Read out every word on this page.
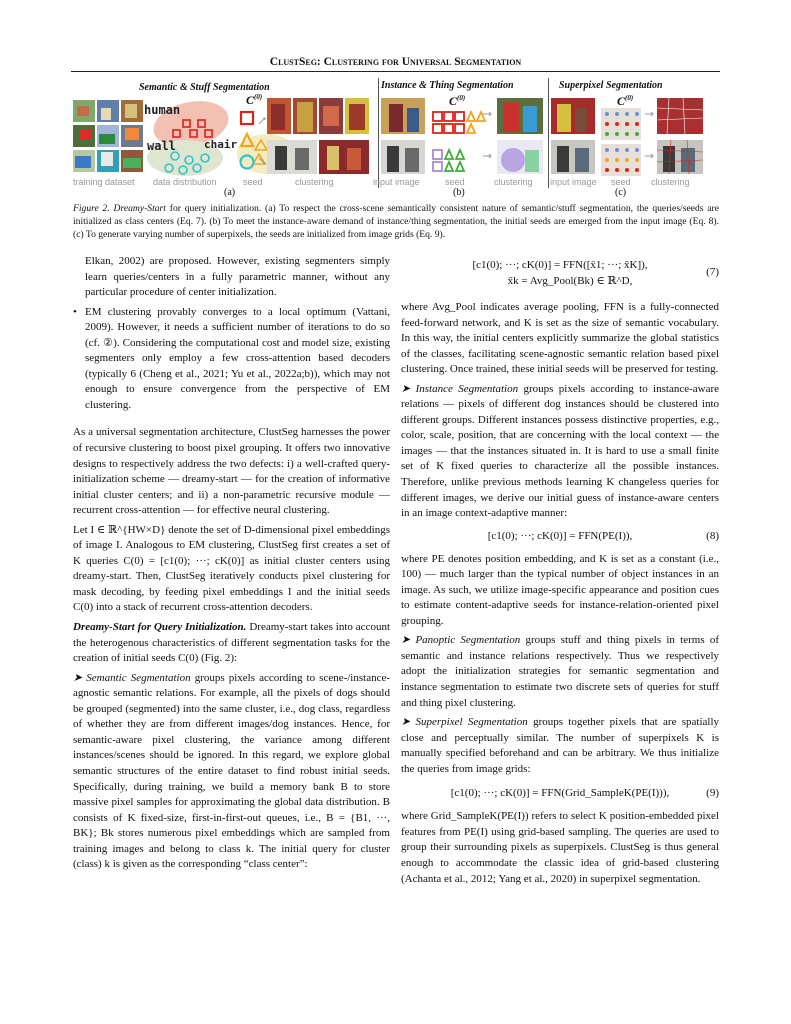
ClustSeg: Clustering for Universal Segmentation
Semantic & Stuff Segmentation	Instance & Thing Segmentation	Superpixel Segmentation
human
wall	chair
$C^{(0)}$	$C^{(0)}$	$C^{(0)}$
training dataset data distribution	seed	clustering	input image	seed	clustering input image seed clustering
(a)	(b)	(c)
Figure 2. Dreamy-Start for query initialization. (a) To respect the cross-scene semantically consistent nature of semantic/stuff segmentation, the queries/seeds are initialized as class centers (Eq. 7). (b) To meet the instance-aware demand of instance/thing segmentation, the initial seeds are emerged from the input image (Eq. 8). (c) To generate varying number of superpixels, the seeds are initialized from image grids (Eq. 9).

Elkan, 2002) are proposed. However, existing segmenters simply learn queries/centers in a fully parametric manner, without any particular procedure of center initialization.

• EM clustering provably converges to a local optimum (Vattani, 2009). However, it needs a sufficient number of iterations to do so (cf. ②). Considering the computational cost and model size, existing segmenters only employ a few cross-attention based decoders (typically 6 (Cheng et al., 2021; Yu et al., 2022a;b)), which may not enough to ensure convergence from the perspective of EM clustering.

As a universal segmentation architecture, ClustSeg harnesses the power of recursive clustering to boost pixel grouping. It offers two innovative designs to respectively address the two defects: i) a well-crafted query-initialization scheme — dreamy-start — for the creation of informative initial cluster centers; and ii) a non-parametric recursive module — recurrent cross-attention — for effective neural clustering.

Let I ∈ ℝ^{HW×D} denote the set of D-dimensional pixel embeddings of image I. Analogous to EM clustering, ClustSeg first creates a set of K queries C(0) = [c1(0); ···; cK(0)] as initial cluster centers using dreamy-start. Then, ClustSeg iteratively conducts pixel clustering for mask decoding, by feeding pixel embeddings I and the initial seeds C(0) into a stack of recurrent cross-attention decoders.

Dreamy-Start for Query Initialization. Dreamy-start takes into account the heterogenous characteristics of different segmentation tasks for the creation of initial seeds C(0) (Fig. 2):

➤ Semantic Segmentation groups pixels according to scene-/instance-agnostic semantic relations. For example, all the pixels of dogs should be grouped (segmented) into the same cluster, i.e., dog class, regardless of whether they are from different images/dog instances. Hence, for semantic-aware pixel clustering, the variance among different instances/scenes should be ignored. In this regard, we explore global semantic structures of the entire dataset to find robust initial seeds. Specifically, during training, we build a memory bank B to store massive pixel samples for approximating the global data distribution. B consists of K fixed-size, first-in-first-out queues, i.e., B = {B1, ···, BK}; Bk stores numerous pixel embeddings which are sampled from training images and belong to class k. The initial query for cluster (class) k is given as the corresponding “class center”:

[c1(0); ···; cK(0)] = FFN([x̄1; ···; x̄K]),
x̄k = Avg_Pool(Bk) ∈ ℝ^D,
(7)

where Avg_Pool indicates average pooling, FFN is a fully-connected feed-forward network, and K is set as the size of semantic vocabulary. In this way, the initial centers explicitly summarize the global statistics of the classes, facilitating scene-agnostic semantic relation based pixel clustering. Once trained, these initial seeds will be preserved for testing.

➤ Instance Segmentation groups pixels according to instance-aware relations — pixels of different dog instances should be clustered into different groups. Different instances possess distinctive properties, e.g., color, scale, position, that are concerning with the local context — the images — that the instances situated in. It is hard to use a small finite set of K fixed queries to characterize all the possible instances. Therefore, unlike previous methods learning K changeless queries for different images, we derive our initial guess of instance-aware centers in an image context-adaptive manner:

[c1(0); ···; cK(0)] = FFN(PE(I)),	(8)

where PE denotes position embedding, and K is set as a constant (i.e., 100) — much larger than the typical number of object instances in an image. As such, we utilize image-specific appearance and position cues to estimate content-adaptive seeds for instance-relation-oriented pixel grouping.

➤ Panoptic Segmentation groups stuff and thing pixels in terms of semantic and instance relations respectively. Thus we respectively adopt the initialization strategies for semantic segmentation and instance segmentation to estimate two discrete sets of queries for stuff and thing pixel clustering.

➤ Superpixel Segmentation groups together pixels that are spatially close and perceptually similar. The number of superpixels K is manually specified beforehand and can be arbitrary. We thus initialize the queries from image grids:

[c1(0); ···; cK(0)] = FFN(Grid_SampleK(PE(I))),	(9)

where Grid_SampleK(PE(I)) refers to select K position-embedded pixel features from PE(I) using grid-based sampling. The queries are used to group their surrounding pixels as superpixels. ClustSeg is thus general enough to accommodate the classic idea of grid-based clustering (Achanta et al., 2012; Yang et al., 2020) in superpixel segmentation.
